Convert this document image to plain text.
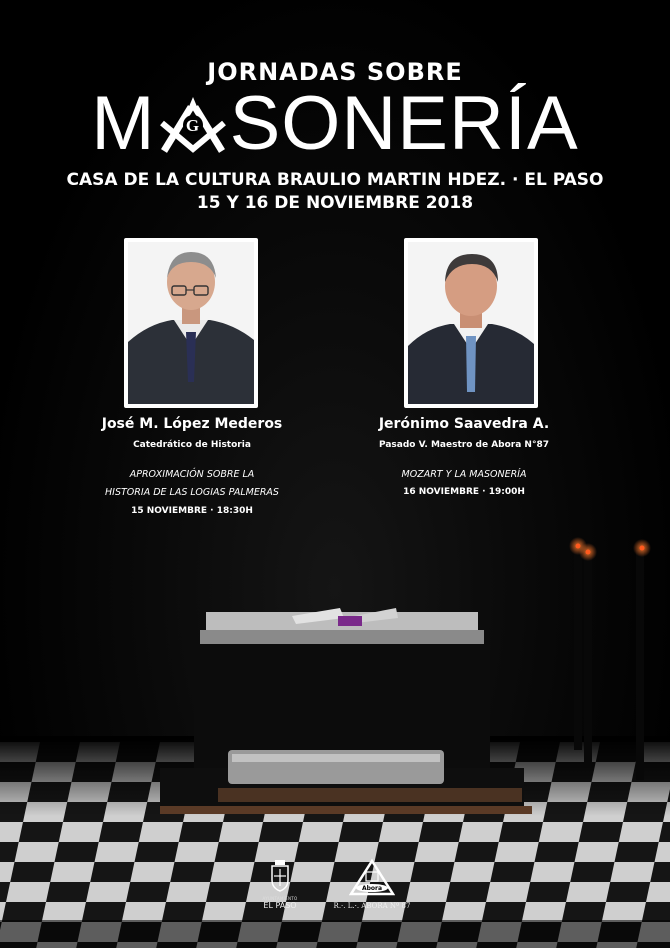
JORNADAS SOBRE
M G SONERÍA
CASA DE LA CULTURA BRAULIO MARTIN HDEZ. · EL PASO
15 Y 16 DE NOVIEMBRE 2018
José M. López Mederos
Catedrático de Historia
APROXIMACIÓN SOBRE LA
HISTORIA DE LAS LOGIAS PALMERAS
15 NOVIEMBRE · 18:30H
Jerónimo Saavedra A.
Pasado V. Maestro de Abora N°87
MOZART Y LA MASONERÍA
16 NOVIEMBRE · 19:00H
AYUNTAMIENTO
EL PASO
Abora
R.·. L.·. ABORA Nº 87
